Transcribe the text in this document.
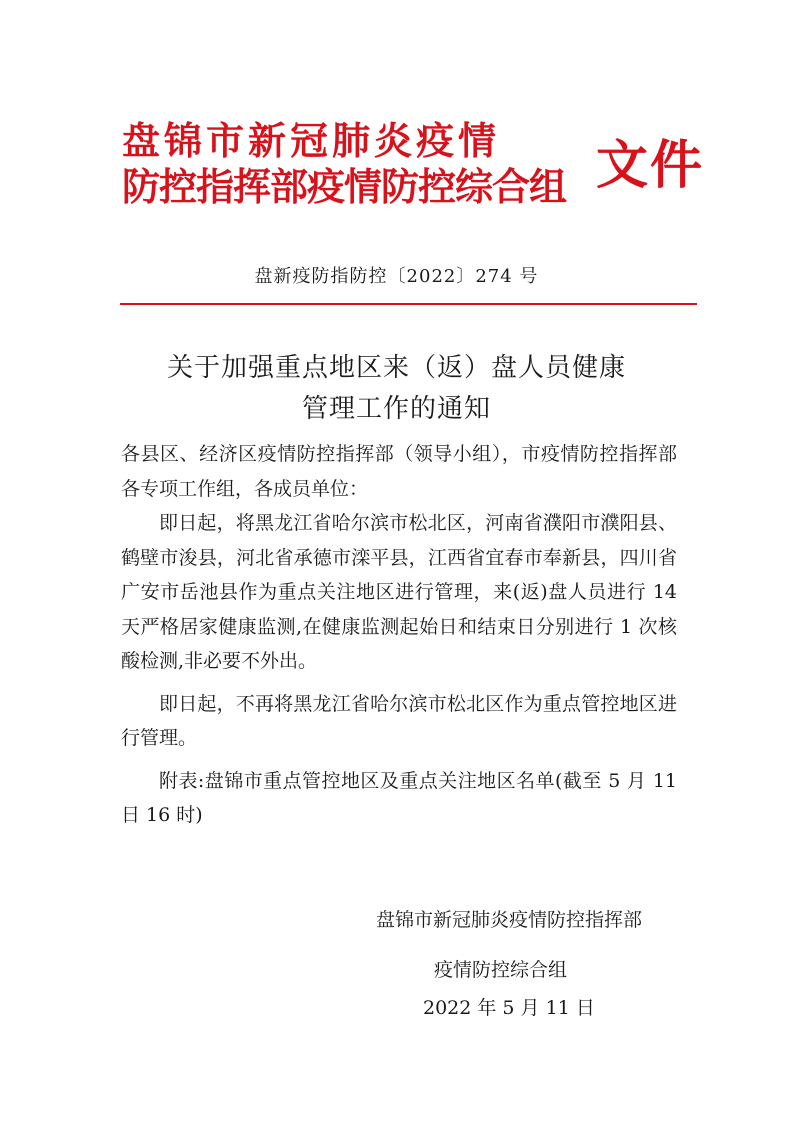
盘锦市新冠肺炎疫情
防控指挥部疫情防控综合组 文件
盘新疫防指防控〔2022〕274 号
关于加强重点地区来（返）盘人员健康
管理工作的通知

各县区、经济区疫情防控指挥部（领导小组），市疫情防控指挥部各专项工作组，各成员单位：

即日起，将黑龙江省哈尔滨市松北区，河南省濮阳市濮阳县、鹤壁市浚县，河北省承德市滦平县，江西省宜春市奉新县，四川省广安市岳池县作为重点关注地区进行管理，来(返)盘人员进行 14 天严格居家健康监测,在健康监测起始日和结束日分别进行 1 次核酸检测,非必要不外出。

即日起，不再将黑龙江省哈尔滨市松北区作为重点管控地区进行管理。

附表:盘锦市重点管控地区及重点关注地区名单(截至 5 月 11 日 16 时)

盘锦市新冠肺炎疫情防控指挥部
疫情防控综合组
2022 年 5 月 11 日
